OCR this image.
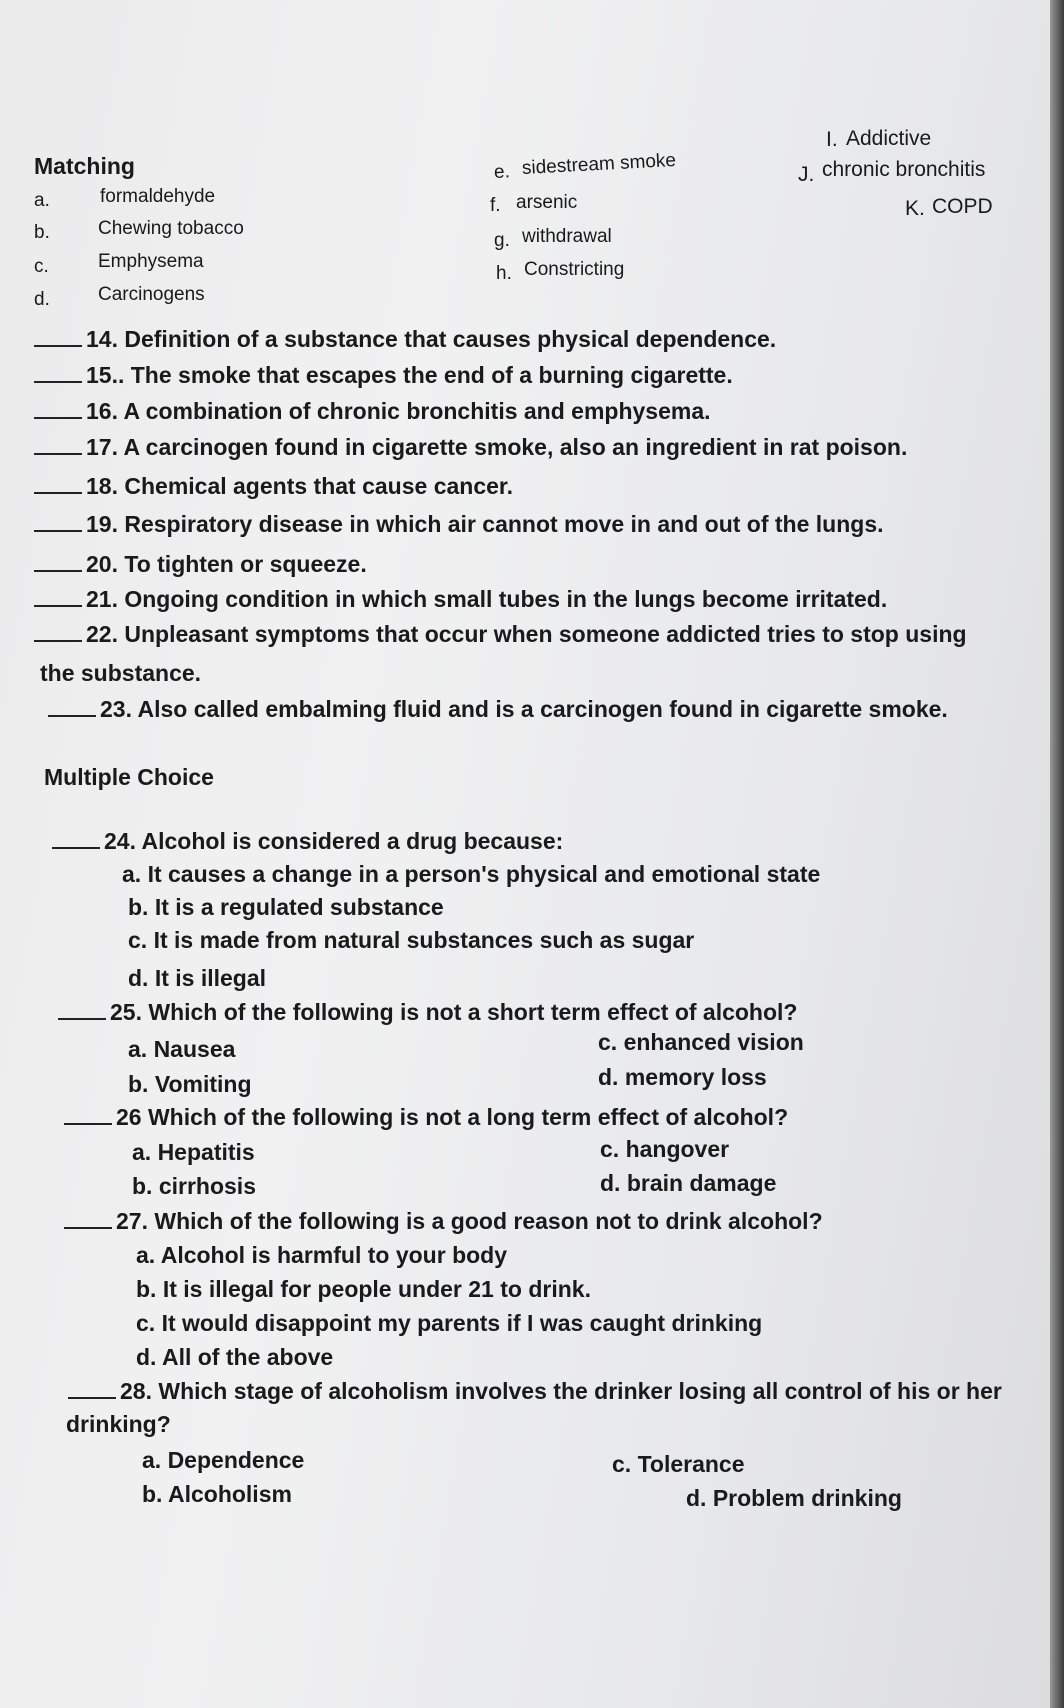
Matching
a.	formaldehyde
b.	Chewing tobacco
c.	Emphysema
d.	Carcinogens
e. sidestream smoke
f. arsenic
g. withdrawal
h. Constricting
I. Addictive
J. chronic bronchitis
K. COPD
14. Definition of a substance that causes physical dependence.
15.. The smoke that escapes the end of a burning cigarette.
16. A combination of chronic bronchitis and emphysema.
17. A carcinogen found in cigarette smoke, also an ingredient in rat poison.
18. Chemical agents that cause cancer.
19. Respiratory disease in which air cannot move in and out of the lungs.
20. To tighten or squeeze.
21. Ongoing condition in which small tubes in the lungs become irritated.
22. Unpleasant symptoms that occur when someone addicted tries to stop using
the substance.
23. Also called embalming fluid and is a carcinogen found in cigarette smoke.
Multiple Choice
24. Alcohol is considered a drug because:
a. It causes a change in a person's physical and emotional state
b. It is a regulated substance
c. It is made from natural substances such as sugar
d. It is illegal
25. Which of the following is not a short term effect of alcohol?
a. Nausea
b. Vomiting
c. enhanced vision
d. memory loss
26 Which of the following is not a long term effect of alcohol?
a. Hepatitis
b. cirrhosis
c. hangover
d. brain damage
27. Which of the following is a good reason not to drink alcohol?
a. Alcohol is harmful to your body
b. It is illegal for people under 21 to drink.
c. It would disappoint my parents if I was caught drinking
d. All of the above
28. Which stage of alcoholism involves the drinker losing all control of his or her
drinking?
a. Dependence
b. Alcoholism
c. Tolerance
d. Problem drinking
